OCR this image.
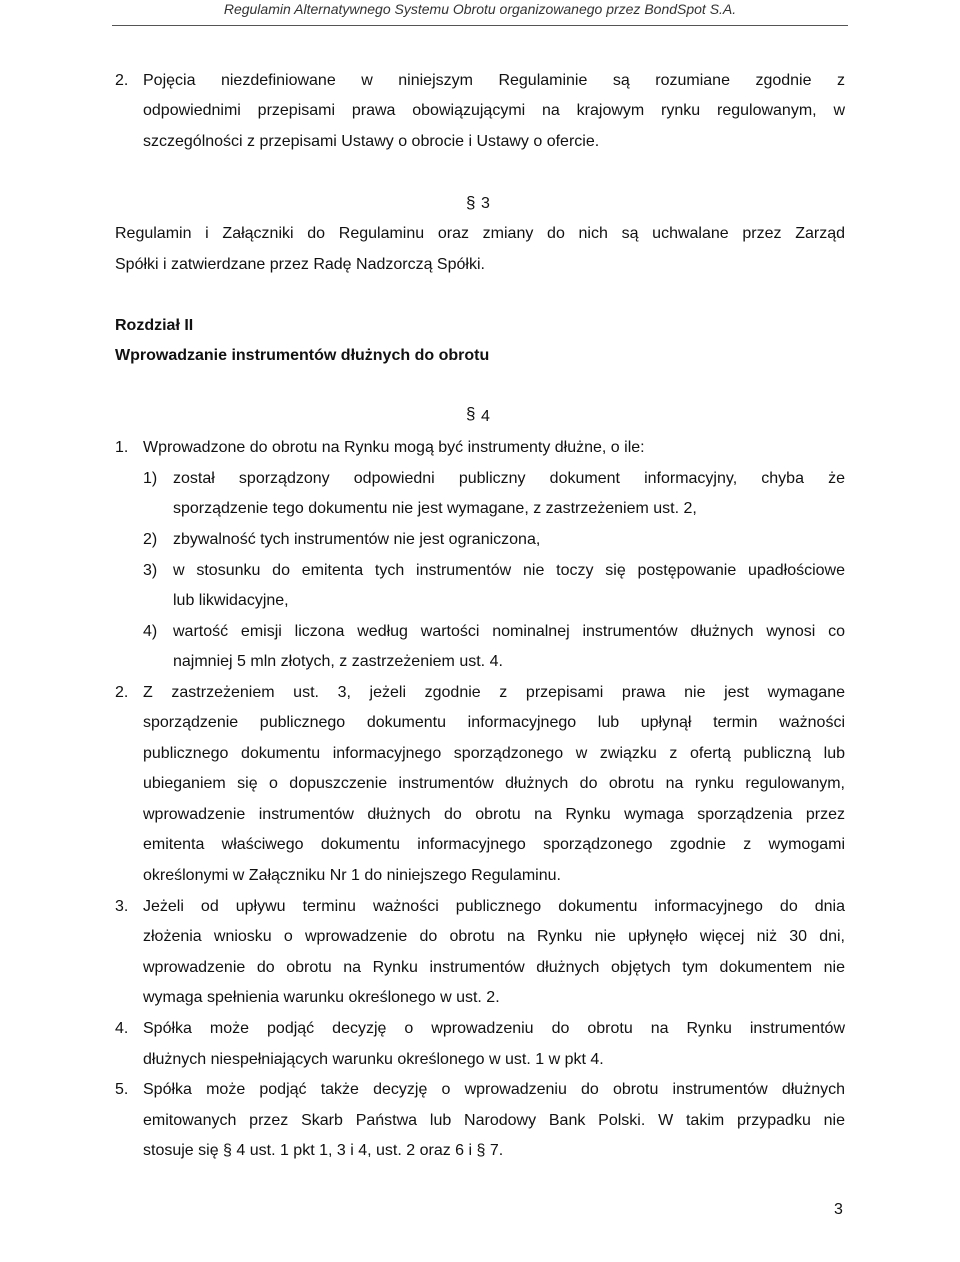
Regulamin Alternatywnego Systemu Obrotu organizowanego przez BondSpot S.A.
2. Pojęcia niezdefiniowane w niniejszym Regulaminie są rozumiane zgodnie z
odpowiednimi przepisami prawa obowiązującymi na krajowym rynku regulowanym, w
szczególności z przepisami Ustawy o obrocie i Ustawy o ofercie.
§ 3
Regulamin i Załączniki do Regulaminu oraz zmiany do nich są uchwalane przez Zarząd
Spółki i zatwierdzane przez Radę Nadzorczą Spółki.
Rozdział II
Wprowadzanie instrumentów dłużnych do obrotu
§ 4
1. Wprowadzone do obrotu na Rynku mogą być instrumenty dłużne, o ile:
1) został sporządzony odpowiedni publiczny dokument informacyjny, chyba że
sporządzenie tego dokumentu nie jest wymagane, z zastrzeżeniem ust. 2,
2) zbywalność tych instrumentów nie jest ograniczona,
3) w stosunku do emitenta tych instrumentów nie toczy się postępowanie upadłościowe
lub likwidacyjne,
4) wartość emisji liczona według wartości nominalnej instrumentów dłużnych wynosi co
najmniej 5 mln złotych, z zastrzeżeniem ust. 4.
2. Z zastrzeżeniem ust. 3, jeżeli zgodnie z przepisami prawa nie jest wymagane
sporządzenie publicznego dokumentu informacyjnego lub upłynął termin ważności
publicznego dokumentu informacyjnego sporządzonego w związku z ofertą publiczną lub
ubieganiem się o dopuszczenie instrumentów dłużnych do obrotu na rynku regulowanym,
wprowadzenie instrumentów dłużnych do obrotu na Rynku wymaga sporządzenia przez
emitenta właściwego dokumentu informacyjnego sporządzonego zgodnie z wymogami
określonymi w Załączniku Nr 1 do niniejszego Regulaminu.
3. Jeżeli od upływu terminu ważności publicznego dokumentu informacyjnego do dnia
złożenia wniosku o wprowadzenie do obrotu na Rynku nie upłynęło więcej niż 30 dni,
wprowadzenie do obrotu na Rynku instrumentów dłużnych objętych tym dokumentem nie
wymaga spełnienia warunku określonego w ust. 2.
4. Spółka może podjąć decyzję o wprowadzeniu do obrotu na Rynku instrumentów
dłużnych niespełniających warunku określonego w ust. 1 w pkt 4.
5. Spółka może podjąć także decyzję o wprowadzeniu do obrotu instrumentów dłużnych
emitowanych przez Skarb Państwa lub Narodowy Bank Polski. W takim przypadku nie
stosuje się § 4 ust. 1 pkt 1, 3 i 4, ust. 2 oraz 6 i § 7.
3
